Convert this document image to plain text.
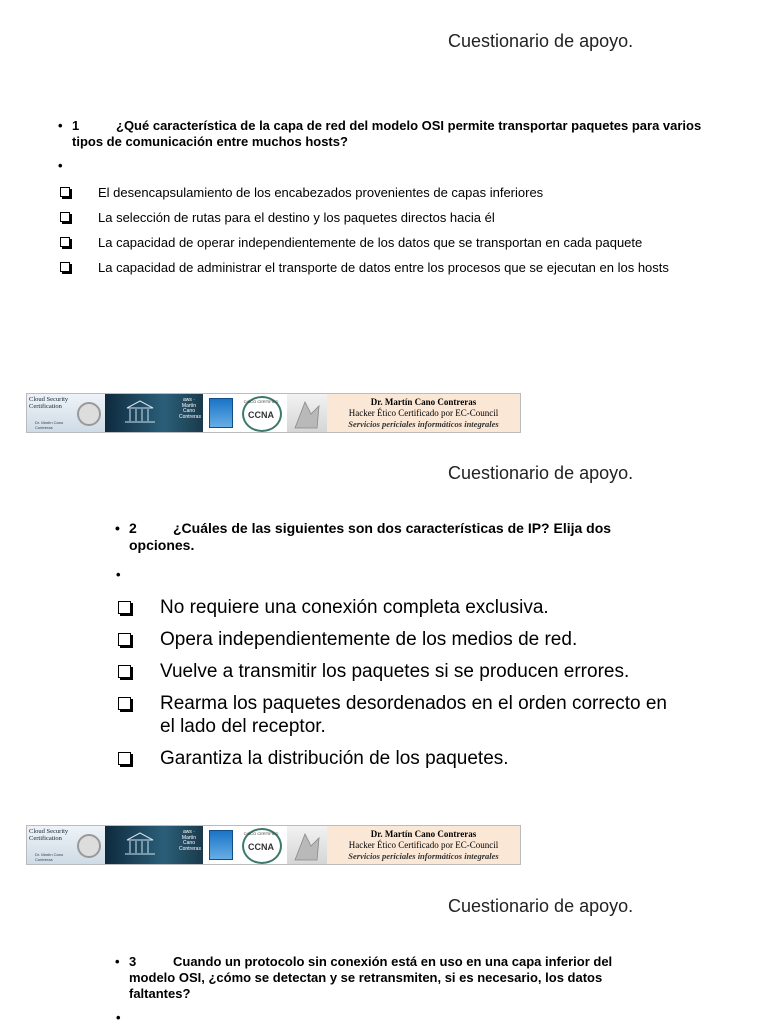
Cuestionario de apoyo.
• 1	¿Qué característica de la capa de red del modelo OSI permite transportar paquetes para varios tipos de comunicación entre muchos hosts?
•
El desencapsulamiento de los encabezados provenientes de capas inferiores
La selección de rutas para el destino y los paquetes directos hacia él
La capacidad de operar independientemente de los datos que se transportan en cada paquete
La capacidad de administrar el transporte de datos entre los procesos que se ejecutan en los hosts
Cloud Security
Certification
Dr. Martín Cano
Contreras
aws · Martín Cano Contreras
CISCO CERTIFIED
CCNA
Dr. Martín Cano Contreras
Hacker Ético Certificado por EC-Council
Servicios periciales informáticos integrales
Cuestionario de apoyo.
• 2	¿Cuáles de las siguientes son dos características de IP? Elija dos opciones.
•
No requiere una conexión completa exclusiva.
Opera independientemente de los medios de red.
Vuelve a transmitir los paquetes si se producen errores.
Rearma los paquetes desordenados en el orden correcto en el lado del receptor.
Garantiza la distribución de los paquetes.
Cloud Security
Certification
Dr. Martín Cano
Contreras
aws · Martín Cano Contreras
CISCO CERTIFIED
CCNA
Dr. Martín Cano Contreras
Hacker Ético Certificado por EC-Council
Servicios periciales informáticos integrales
Cuestionario de apoyo.
• 3	Cuando un protocolo sin conexión está en uso en una capa inferior del modelo OSI, ¿cómo se detectan y se retransmiten, si es necesario, los datos faltantes?
•
